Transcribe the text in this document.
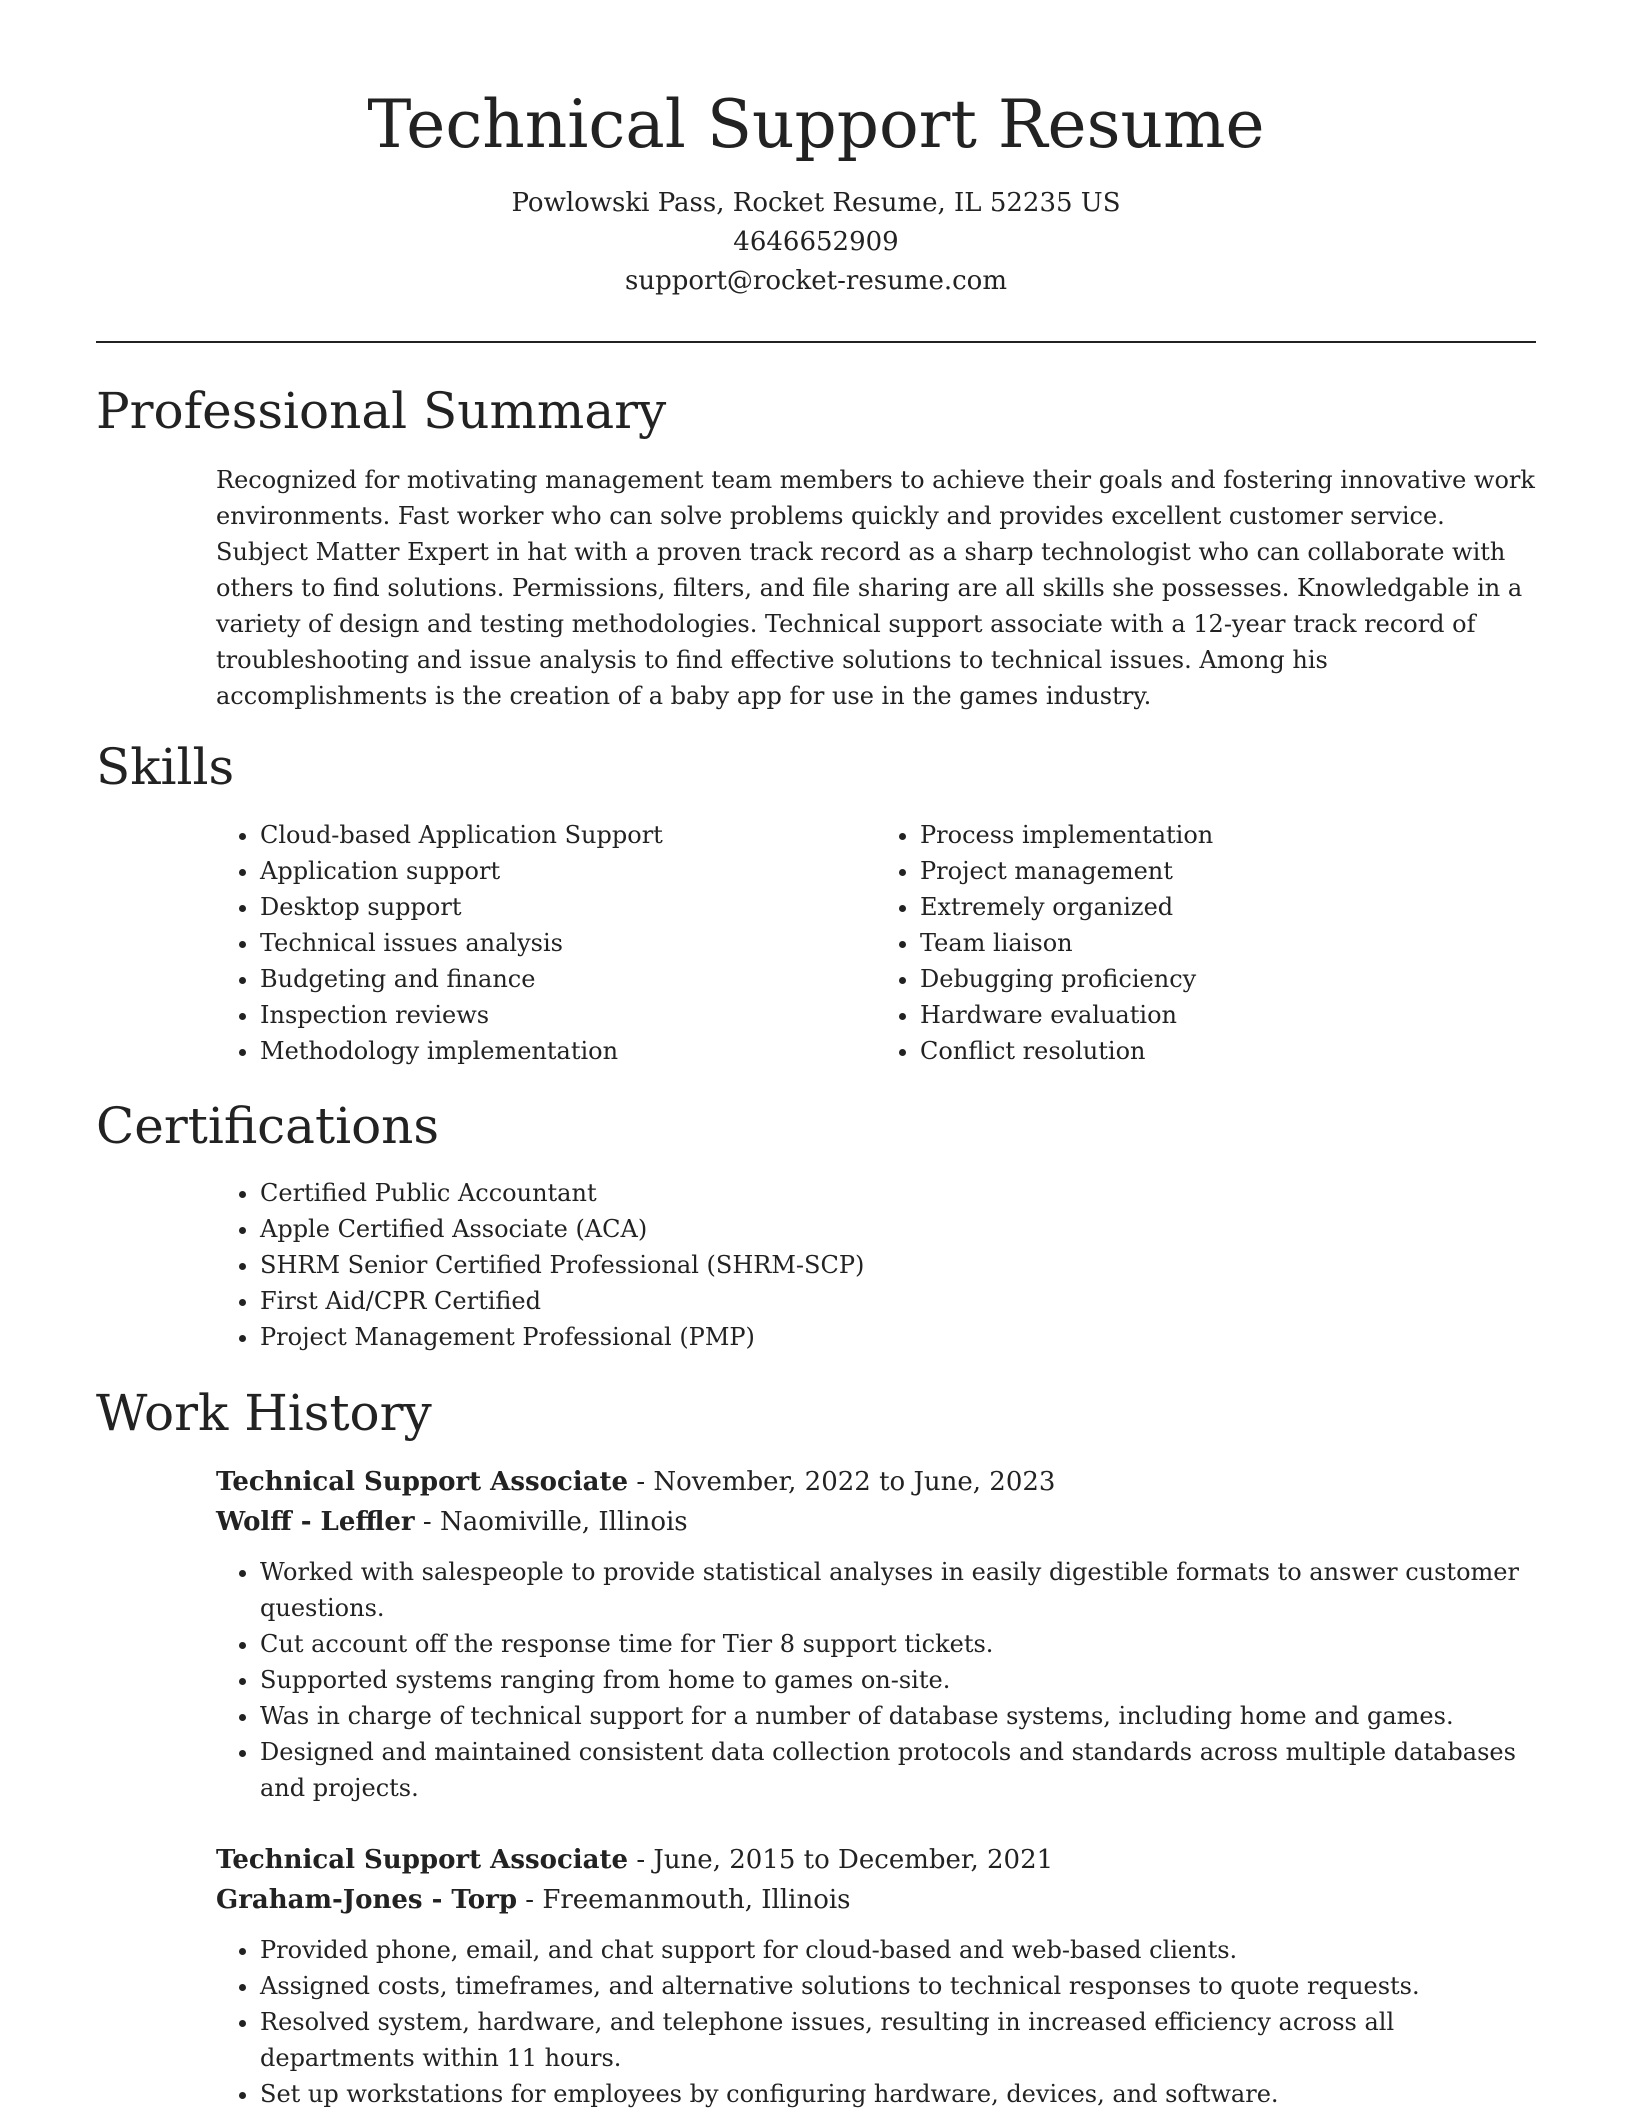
Technical Support Resume
Powlowski Pass, Rocket Resume, IL 52235 US
4646652909
support@rocket-resume.com
Professional Summary

Recognized for motivating management team members to achieve their goals and fostering innovative work environments. Fast worker who can solve problems quickly and provides excellent customer service. Subject Matter Expert in hat with a proven track record as a sharp technologist who can collaborate with others to find solutions. Permissions, filters, and file sharing are all skills she possesses. Knowledgable in a variety of design and testing methodologies. Technical support associate with a 12-year track record of troubleshooting and issue analysis to find effective solutions to technical issues. Among his accomplishments is the creation of a baby app for use in the games industry.

Skills
• Cloud-based Application Support
• Application support
• Desktop support
• Technical issues analysis
• Budgeting and finance
• Inspection reviews
• Methodology implementation
• Process implementation
• Project management
• Extremely organized
• Team liaison
• Debugging proficiency
• Hardware evaluation
• Conflict resolution
Certifications
• Certified Public Accountant
• Apple Certified Associate (ACA)
• SHRM Senior Certified Professional (SHRM-SCP)
• First Aid/CPR Certified
• Project Management Professional (PMP)
Work History
Technical Support Associate - November, 2022 to June, 2023
Wolff - Leffler - Naomiville, Illinois
• Worked with salespeople to provide statistical analyses in easily digestible formats to answer customer questions.
• Cut account off the response time for Tier 8 support tickets.
• Supported systems ranging from home to games on-site.
• Was in charge of technical support for a number of database systems, including home and games.
• Designed and maintained consistent data collection protocols and standards across multiple databases and projects.
Technical Support Associate - June, 2015 to December, 2021
Graham-Jones - Torp - Freemanmouth, Illinois
• Provided phone, email, and chat support for cloud-based and web-based clients.
• Assigned costs, timeframes, and alternative solutions to technical responses to quote requests.
• Resolved system, hardware, and telephone issues, resulting in increased efficiency across all departments within 11 hours.
• Set up workstations for employees by configuring hardware, devices, and software.
